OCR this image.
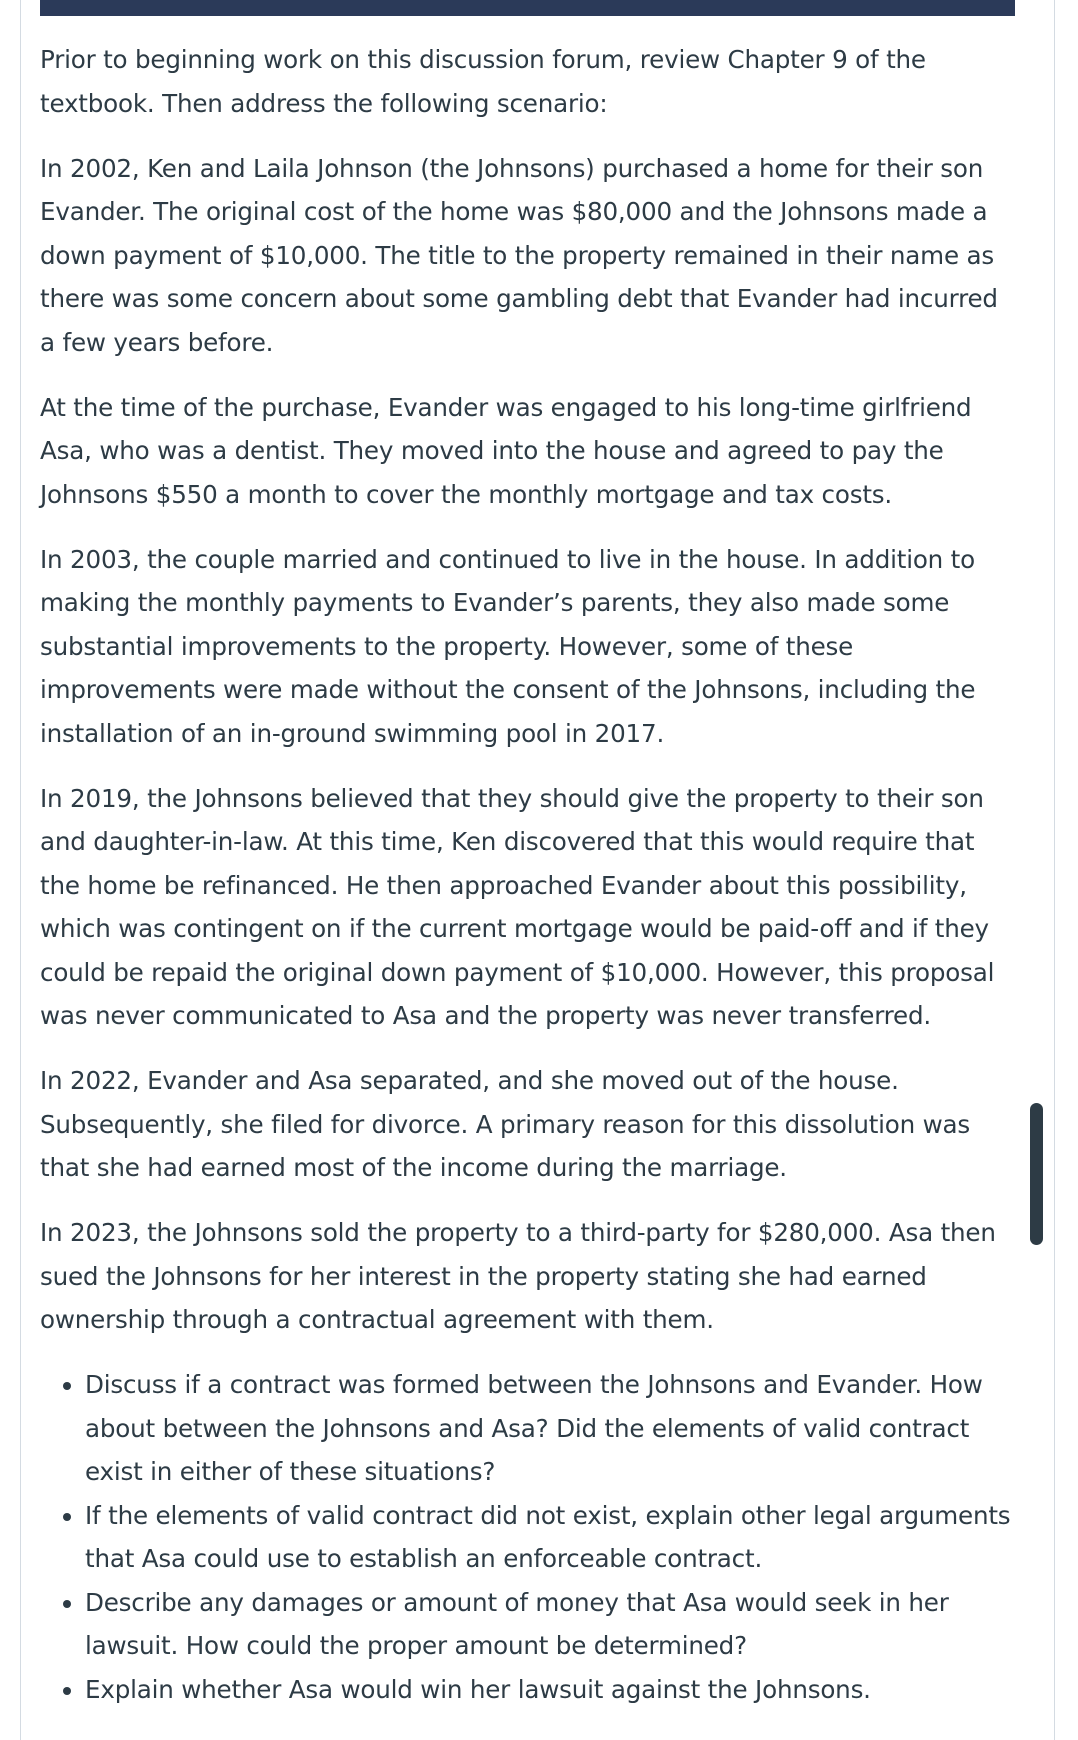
Prior to beginning work on this discussion forum, review Chapter 9 of the textbook. Then address the following scenario:

In 2002, Ken and Laila Johnson (the Johnsons) purchased a home for their son Evander. The original cost of the home was $80,000 and the Johnsons made a down payment of $10,000. The title to the property remained in their name as there was some concern about some gambling debt that Evander had incurred a few years before.

At the time of the purchase, Evander was engaged to his long-time girlfriend Asa, who was a dentist. They moved into the house and agreed to pay the Johnsons $550 a month to cover the monthly mortgage and tax costs.

In 2003, the couple married and continued to live in the house. In addition to making the monthly payments to Evander’s parents, they also made some substantial improvements to the property. However, some of these improvements were made without the consent of the Johnsons, including the installation of an in-ground swimming pool in 2017.

In 2019, the Johnsons believed that they should give the property to their son and daughter-in-law. At this time, Ken discovered that this would require that the home be refinanced. He then approached Evander about this possibility, which was contingent on if the current mortgage would be paid-off and if they could be repaid the original down payment of $10,000. However, this proposal was never communicated to Asa and the property was never transferred.

In 2022, Evander and Asa separated, and she moved out of the house. Subsequently, she filed for divorce. A primary reason for this dissolution was that she had earned most of the income during the marriage.

In 2023, the Johnsons sold the property to a third-party for $280,000. Asa then sued the Johnsons for her interest in the property stating she had earned ownership through a contractual agreement with them.

• Discuss if a contract was formed between the Johnsons and Evander. How about between the Johnsons and Asa? Did the elements of valid contract exist in either of these situations?
• If the elements of valid contract did not exist, explain other legal arguments that Asa could use to establish an enforceable contract.
• Describe any damages or amount of money that Asa would seek in her lawsuit. How could the proper amount be determined?
• Explain whether Asa would win her lawsuit against the Johnsons.
